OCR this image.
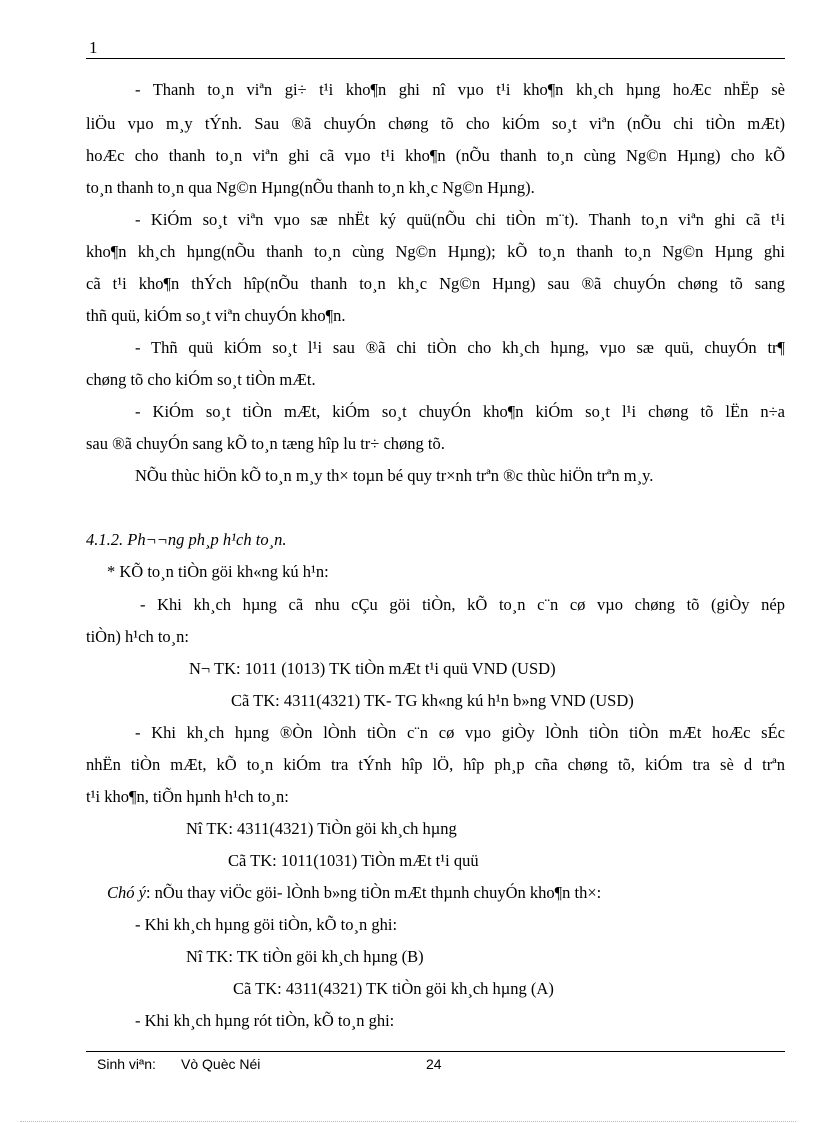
1
- Thanh to¸n viªn gi÷ t¹i kho¶n ghi nî vµo t¹i kho¶n kh¸ch hµng hoÆc nhËp sè
liÖu vµo m¸y tÝnh. Sau ®ã chuyÓn chøng tõ cho kiÓm so¸t viªn (nÕu chi tiÒn mÆt)
hoÆc cho thanh to¸n viªn ghi cã vµo t¹i kho¶n (nÕu thanh to¸n cùng Ng©n Hµng) cho kÕ
to¸n thanh to¸n qua Ng©n Hµng(nÕu thanh to¸n kh¸c Ng©n Hµng).
- KiÓm so¸t viªn vµo sæ nhËt ký quü(nÕu chi tiÒn m¨t). Thanh to¸n viªn ghi cã t¹i
kho¶n kh¸ch hµng(nÕu thanh to¸n cùng Ng©n Hµng); kÕ to¸n thanh to¸n Ng©n Hµng ghi
cã t¹i kho¶n thÝch hîp(nÕu thanh to¸n kh¸c Ng©n Hµng) sau ®ã chuyÓn chøng tõ sang
thñ quü, kiÓm so¸t viªn chuyÓn kho¶n.
- Thñ quü kiÓm so¸t l¹i sau ®ã chi tiÒn cho kh¸ch hµng, vµo sæ quü, chuyÓn tr¶
chøng tõ cho kiÓm so¸t tiÒn mÆt.
- KiÓm so¸t tiÒn mÆt, kiÓm so¸t chuyÓn kho¶n kiÓm so¸t l¹i chøng tõ lËn n÷a
sau ®ã chuyÓn sang kÕ to¸n tæng hîp lu tr÷ chøng tõ.
NÕu thùc hiÖn kÕ to¸n m¸y th× toµn bé quy tr×nh trªn ®c thùc hiÖn trªn m¸y.
4.1.2. Ph¬¬ng ph¸p h¹ch to¸n.
* KÕ to¸n tiÒn göi kh«ng kú h¹n:
- Khi kh¸ch hµng cã nhu cÇu göi tiÒn, kÕ to¸n c¨n cø vµo chøng tõ (giÒy nép
tiÒn) h¹ch to¸n:
N¬ TK: 1011 (1013) TK tiÒn mÆt t¹i quü VND (USD)
Cã TK: 4311(4321) TK- TG kh«ng kú h¹n b»ng VND (USD)
- Khi kh¸ch hµng ®Òn lÒnh tiÒn c¨n cø vµo giÒy lÒnh tiÒn tiÒn mÆt hoÆc sÉc
nhËn tiÒn mÆt, kÕ to¸n kiÓm tra tÝnh hîp lÖ, hîp ph¸p cña chøng tõ, kiÓm tra sè d trªn
t¹i kho¶n, tiÕn hµnh h¹ch to¸n:
Nî TK: 4311(4321) TiÒn göi kh¸ch hµng
Cã TK: 1011(1031) TiÒn mÆt t¹i quü
Chó ý: nÕu thay viÖc göi- lÒnh b»ng tiÒn mÆt thµnh chuyÓn kho¶n th×:
- Khi kh¸ch hµng göi tiÒn, kÕ to¸n ghi:
Nî TK: TK tiÒn göi kh¸ch hµng (B)
Cã TK: 4311(4321) TK tiÒn göi kh¸ch hµng (A)
- Khi kh¸ch hµng rót tiÒn, kÕ to¸n ghi:
Sinh viªn: Vò Quèc Néi	24
